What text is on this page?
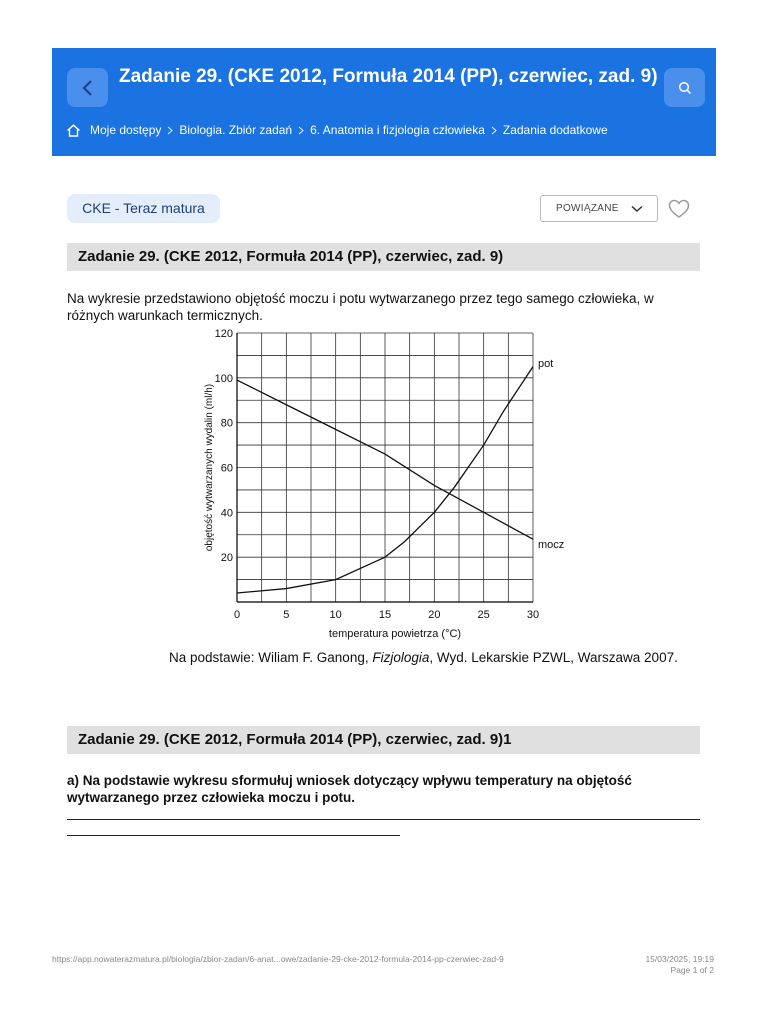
Zadanie 29. (CKE 2012, Formuła 2014 (PP), czerwiec, zad. 9)
Moje dostępy Biologia. Zbiór zadań 6. Anatomia i fizjologia człowieka Zadania dodatkowe
CKE - Teraz matura	POWIĄZANE
Zadanie 29. (CKE 2012, Formuła 2014 (PP), czerwiec, zad. 9)
Na wykresie przedstawiono objętość moczu i potu wytwarzanego przez tego samego człowieka, w różnych warunkach termicznych.
0	5	10	15	20	25	30
20
40
60
80
100
120
temperatura powietrza (°C)
objętość wytwarzanych wydalin (ml/h)
pot
mocz
Na podstawie: Wiliam F. Ganong, Fizjologia, Wyd. Lekarskie PZWL, Warszawa 2007.
Zadanie 29. (CKE 2012, Formuła 2014 (PP), czerwiec, zad. 9)1
a) Na podstawie wykresu sformułuj wniosek dotyczący wpływu temperatury na objętość wytwarzanego przez człowieka moczu i potu.
https://app.nowaterazmatura.pl/biologia/zbior-zadan/6-anat...owe/zadanie-29-cke-2012-formula-2014-pp-czerwiec-zad-9	15/03/2025, 19:19
Page 1 of 2
